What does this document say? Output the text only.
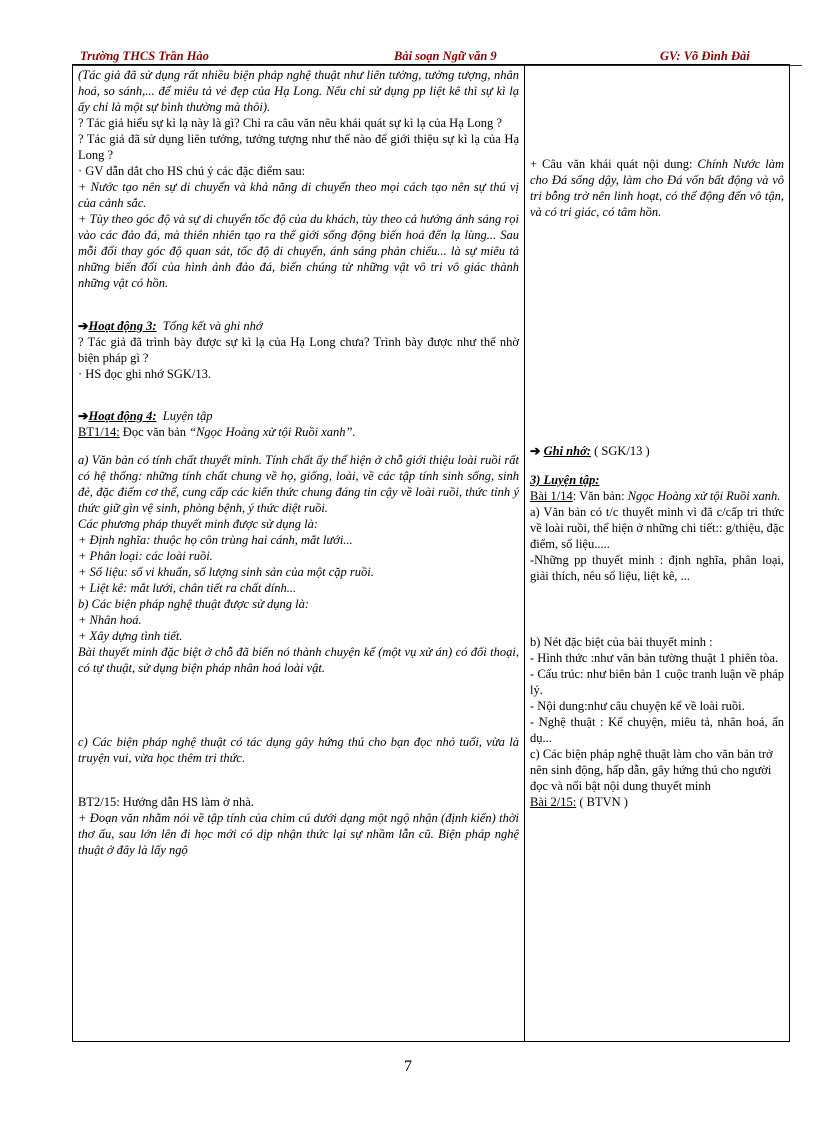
Trường THCS Trần Hào	Bài soạn Ngữ văn 9	GV: Võ Đình Đài

(Tác giả đã sử dụng rất nhiều biện pháp nghệ thuật như liên tưởng, tưởng tượng, nhân hoá, so sánh,... để miêu tả vẻ đẹp của Hạ Long. Nếu chỉ sử dụng pp liệt kê thì sự kì lạ ấy chỉ là một sự bình thường mà thôi).

? Tác giả hiểu sự kì lạ này là gì? Chỉ ra câu văn nêu khái quát sự kì lạ của Hạ Long ?

? Tác giả đã sử dụng liên tưởng, tưởng tượng như thế nào để giới thiệu sự kì lạ của Hạ Long ?

· GV dẫn dắt cho HS chú ý các đặc điểm sau:

+ Nước tạo nên sự di chuyển và khả năng di chuyển theo mọi cách tạo nên sự thú vị của cảnh sắc.

+ Tùy theo góc độ và sự di chuyển tốc độ của du khách, tùy theo cả hướng ánh sáng rọi vào các đảo đá, mà thiên nhiên tạo ra thế giới sống động biến hoá đến lạ lùng... Sau mỗi đổi thay góc độ quan sát, tốc độ di chuyển, ánh sáng phản chiếu... là sự miêu tả những biến đổi của hình ảnh đảo đá, biến chúng từ những vật vô tri vô giác thành những vật có hồn.

➔Hoạt động 3: Tổng kết và ghi nhớ

? Tác giả đã trình bày được sự kì lạ của Hạ Long chưa? Trình bày được như thế nhờ biện pháp gì ?

· HS đọc ghi nhớ SGK/13.

➔Hoạt động 4: Luyện tập

BT1/14: Đọc văn bản “Ngọc Hoàng xử tội Ruồi xanh”.

a) Văn bản có tính chất thuyết minh. Tính chất ấy thể hiện ở chỗ giới thiệu loài ruồi rất có hệ thống: những tính chất chung về họ, giống, loài, về các tập tính sinh sống, sinh đẻ, đặc điểm cơ thể, cung cấp các kiến thức chung đáng tin cậy về loài ruồi, thức tỉnh ý thức giữ gìn vệ sinh, phòng bệnh, ý thức diệt ruồi.

Các phương pháp thuyết minh được sử dụng là:

+ Định nghĩa: thuộc họ côn trùng hai cánh, mắt lưới...

+ Phân loại: các loài ruồi.

+ Số liệu: số vi khuẩn, số lượng sinh sản của một cặp ruồi.

+ Liệt kê: mắt lưới, chân tiết ra chất dính...

b) Các biện pháp nghệ thuật được sử dụng là:

+ Nhân hoá.

+ Xây dựng tình tiết.

Bài thuyết minh đặc biệt ở chỗ đã biến nó thành chuyện kể (một vụ xử án) có đối thoại, có tự thuật, sử dụng biện pháp nhân hoá loài vật.

c) Các biện pháp nghệ thuật có tác dụng gây hứng thú cho bạn đọc nhỏ tuổi, vừa là truyện vui, vừa học thêm tri thức.

BT2/15: Hướng dẫn HS làm ở nhà.

+ Đoạn văn nhằm nói về tập tính của chim cú dưới dạng một ngộ nhận (định kiến) thời thơ ấu, sau lớn lên đi học mới có dịp nhận thức lại sự nhầm lẫn cũ. Biện pháp nghệ thuật ở đây là lấy ngộ

+ Câu văn khái quát nội dung: Chính Nước làm cho Đá sống dậy, làm cho Đá vốn bất động và vô tri bỗng trở nên linh hoạt, có thể động đến vô tận, và có tri giác, có tâm hồn.

➔ Ghi nhớ: ( SGK/13 )

3) Luyện tập:

Bài 1/14: Văn bản: Ngọc Hoàng xử tội Ruồi xanh.

a) Văn bản có t/c thuyết minh vì đã c/cấp tri thức về loài ruồi, thể hiện ở những chi tiết:: g/thiệu, đặc điểm, số liệu.....

-Những pp thuyết minh : định nghĩa, phân loại, giải thích, nêu số liệu, liệt kê, ...

b) Nét đặc biệt của bài thuyết minh :

- Hình thức :như văn bản tường thuật 1 phiên tòa.

- Cấu trúc: như biên bản 1 cuộc tranh luận về pháp lý.

- Nội dung:như câu chuyện kể về loài ruồi.

- Nghệ thuật : Kể chuyện, miêu tả, nhân hoá, ẩn dụ...

c) Các biện pháp nghệ thuật làm cho văn bản trở nên sinh động, hấp dẫn, gây hứng thú cho người đọc và nổi bật nội dung thuyết minh

Bài 2/15: ( BTVN )

7
